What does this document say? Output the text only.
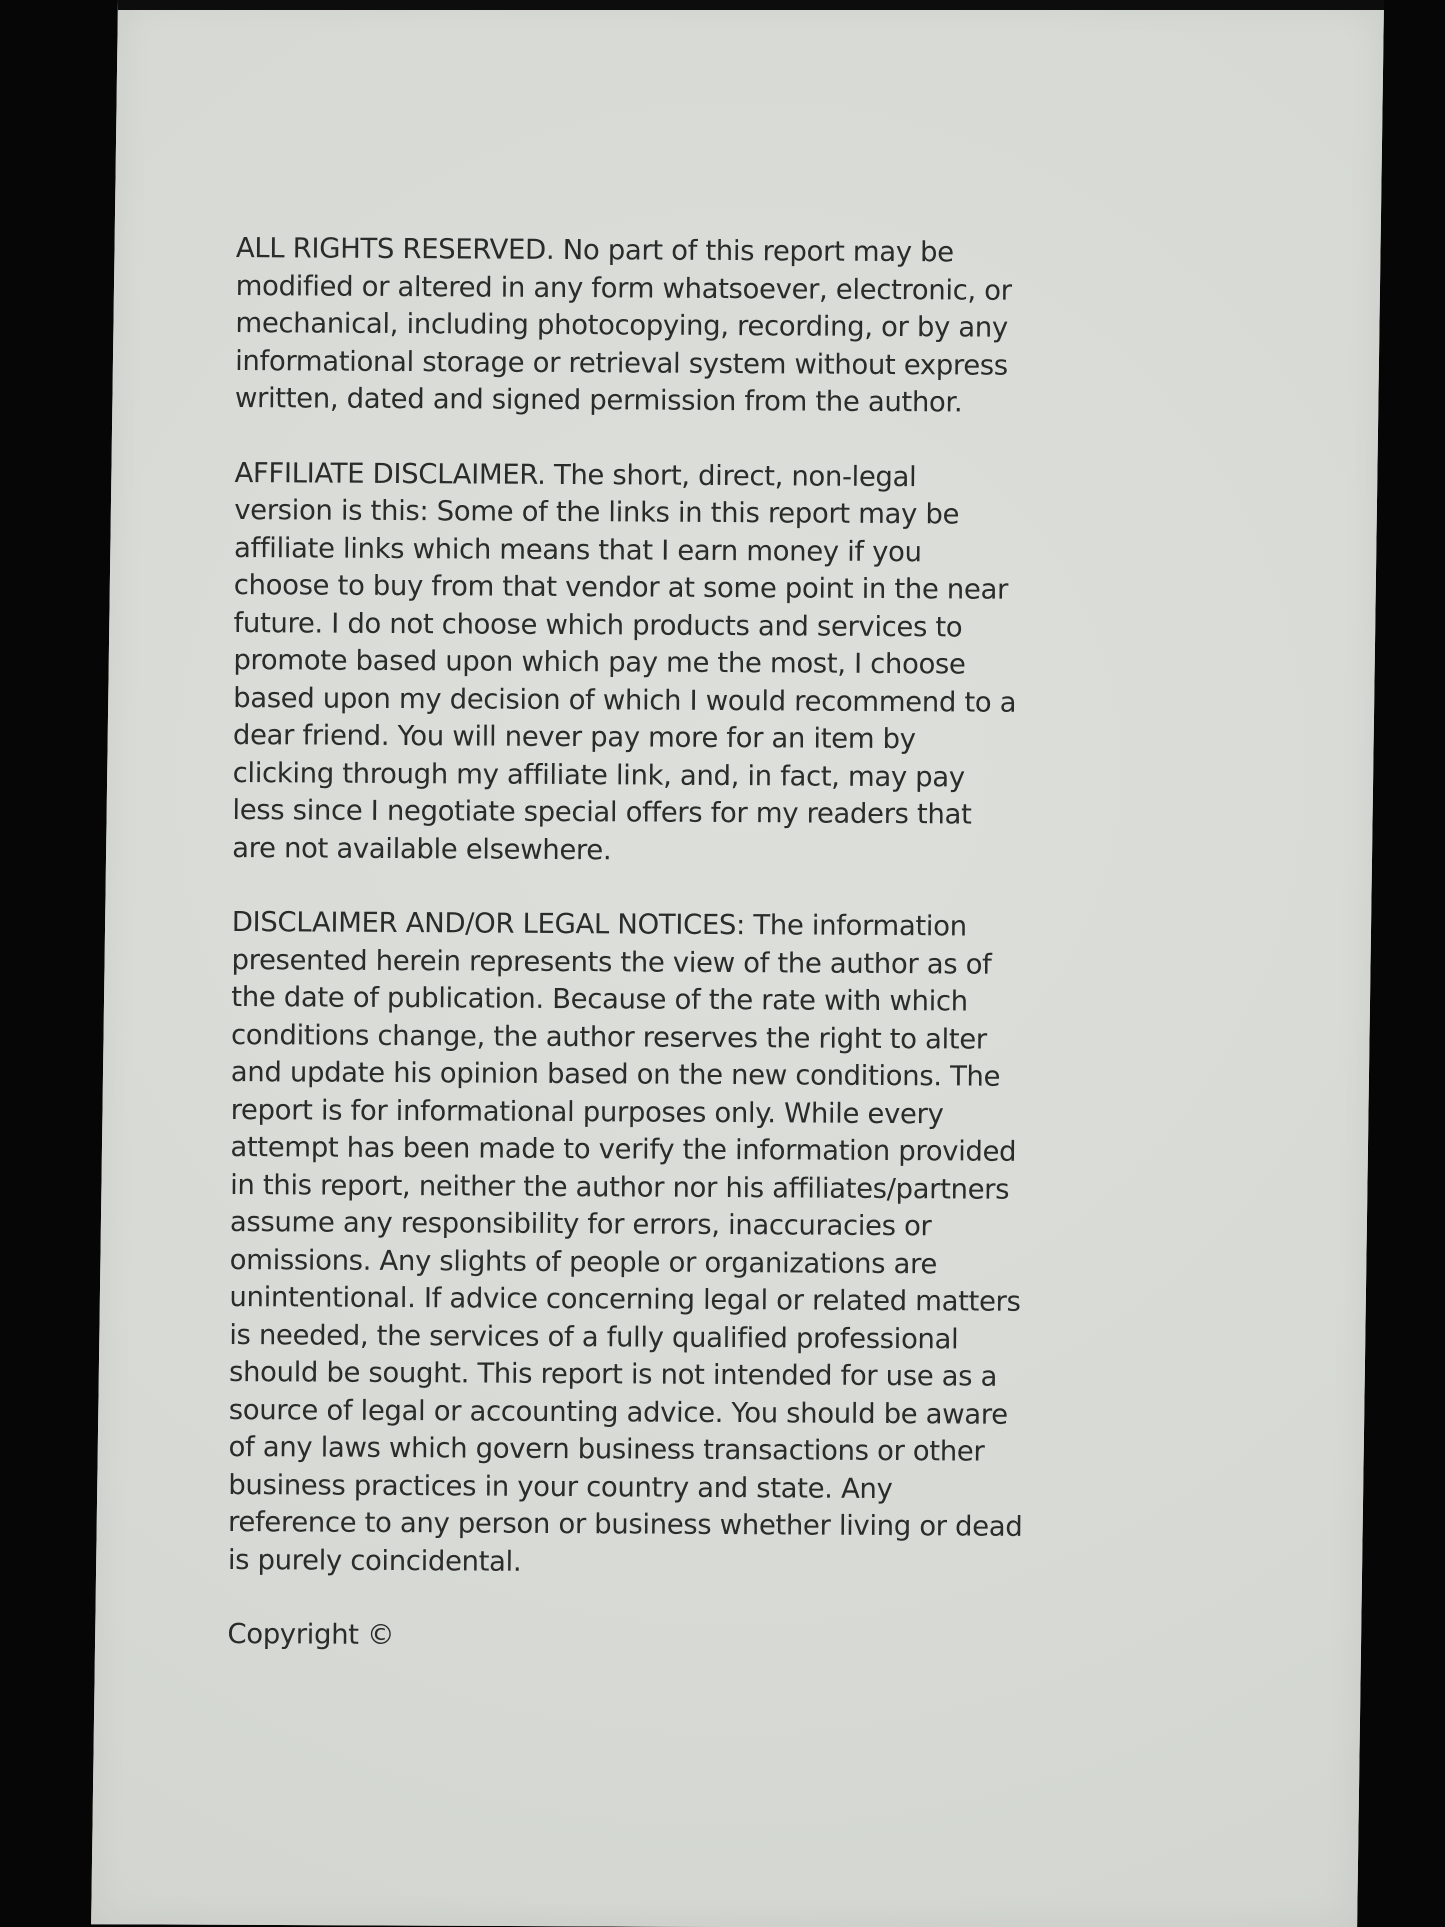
ALL RIGHTS RESERVED. No part of this report may be
modified or altered in any form whatsoever, electronic, or
mechanical, including photocopying, recording, or by any
informational storage or retrieval system without express
written, dated and signed permission from the author.

AFFILIATE DISCLAIMER. The short, direct, non-legal
version is this: Some of the links in this report may be
affiliate links which means that I earn money if you
choose to buy from that vendor at some point in the near
future. I do not choose which products and services to
promote based upon which pay me the most, I choose
based upon my decision of which I would recommend to a
dear friend. You will never pay more for an item by
clicking through my affiliate link, and, in fact, may pay
less since I negotiate special offers for my readers that
are not available elsewhere.

DISCLAIMER AND/OR LEGAL NOTICES: The information
presented herein represents the view of the author as of
the date of publication. Because of the rate with which
conditions change, the author reserves the right to alter
and update his opinion based on the new conditions. The
report is for informational purposes only. While every
attempt has been made to verify the information provided
in this report, neither the author nor his affiliates/partners
assume any responsibility for errors, inaccuracies or
omissions. Any slights of people or organizations are
unintentional. If advice concerning legal or related matters
is needed, the services of a fully qualified professional
should be sought. This report is not intended for use as a
source of legal or accounting advice. You should be aware
of any laws which govern business transactions or other
business practices in your country and state. Any
reference to any person or business whether living or dead
is purely coincidental.

Copyright ©
